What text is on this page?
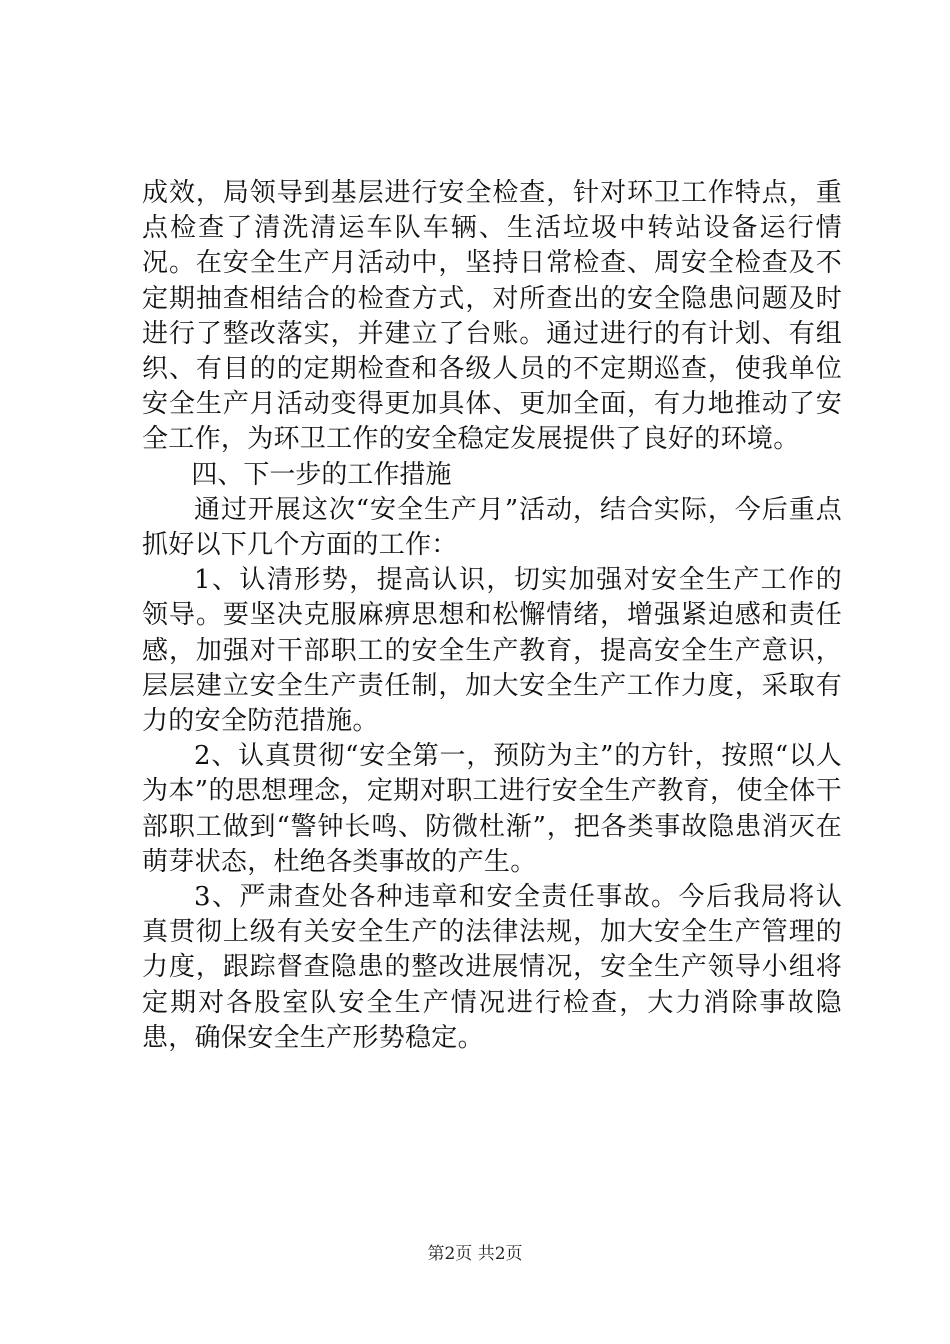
成效，局领导到基层进行安全检查，针对环卫工作特点，重点检查了清洗清运车队车辆、生活垃圾中转站设备运行情况。在安全生产月活动中，坚持日常检查、周安全检查及不定期抽查相结合的检查方式，对所查出的安全隐患问题及时进行了整改落实，并建立了台账。通过进行的有计划、有组织、有目的的定期检查和各级人员的不定期巡查，使我单位安全生产月活动变得更加具体、更加全面，有力地推动了安全工作，为环卫工作的安全稳定发展提供了良好的环境。

四、下一步的工作措施

通过开展这次“安全生产月”活动，结合实际，今后重点抓好以下几个方面的工作：

1、认清形势，提高认识，切实加强对安全生产工作的领导。要坚决克服麻痹思想和松懈情绪，增强紧迫感和责任感，加强对干部职工的安全生产教育，提高安全生产意识，层层建立安全生产责任制，加大安全生产工作力度，采取有力的安全防范措施。

2、认真贯彻“安全第一，预防为主”的方针，按照“以人为本”的思想理念，定期对职工进行安全生产教育，使全体干部职工做到“警钟长鸣、防微杜渐”，把各类事故隐患消灭在萌芽状态，杜绝各类事故的产生。

3、严肃查处各种违章和安全责任事故。今后我局将认真贯彻上级有关安全生产的法律法规，加大安全生产管理的力度，跟踪督查隐患的整改进展情况，安全生产领导小组将定期对各股室队安全生产情况进行检查，大力消除事故隐患，确保安全生产形势稳定。

第2页 共2页
